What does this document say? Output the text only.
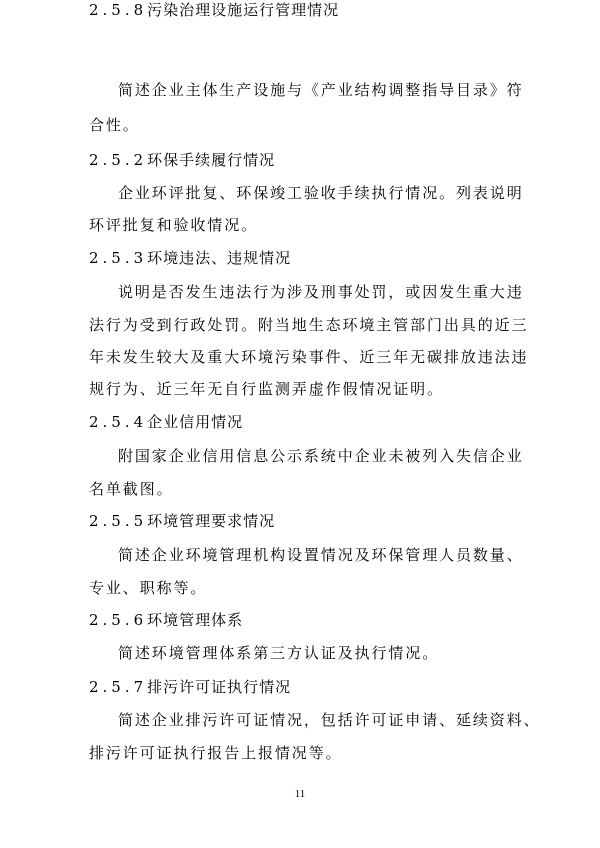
简述企业主体生产设施与《产业结构调整指导目录》符
合性。
2.5.2环保手续履行情况
企业环评批复、环保竣工验收手续执行情况。列表说明
环评批复和验收情况。
2.5.3环境违法、违规情况
说明是否发生违法行为涉及刑事处罚，或因发生重大违
法行为受到行政处罚。附当地生态环境主管部门出具的近三
年未发生较大及重大环境污染事件、近三年无碳排放违法违
规行为、近三年无自行监测弄虚作假情况证明。
2.5.4企业信用情况
附国家企业信用信息公示系统中企业未被列入失信企业
名单截图。
2.5.5环境管理要求情况
简述企业环境管理机构设置情况及环保管理人员数量、
专业、职称等。
2.5.6环境管理体系
简述环境管理体系第三方认证及执行情况。
2.5.7排污许可证执行情况
简述企业排污许可证情况，包括许可证申请、延续资料、
排污许可证执行报告上报情况等。
2.5.8污染治理设施运行管理情况
11
